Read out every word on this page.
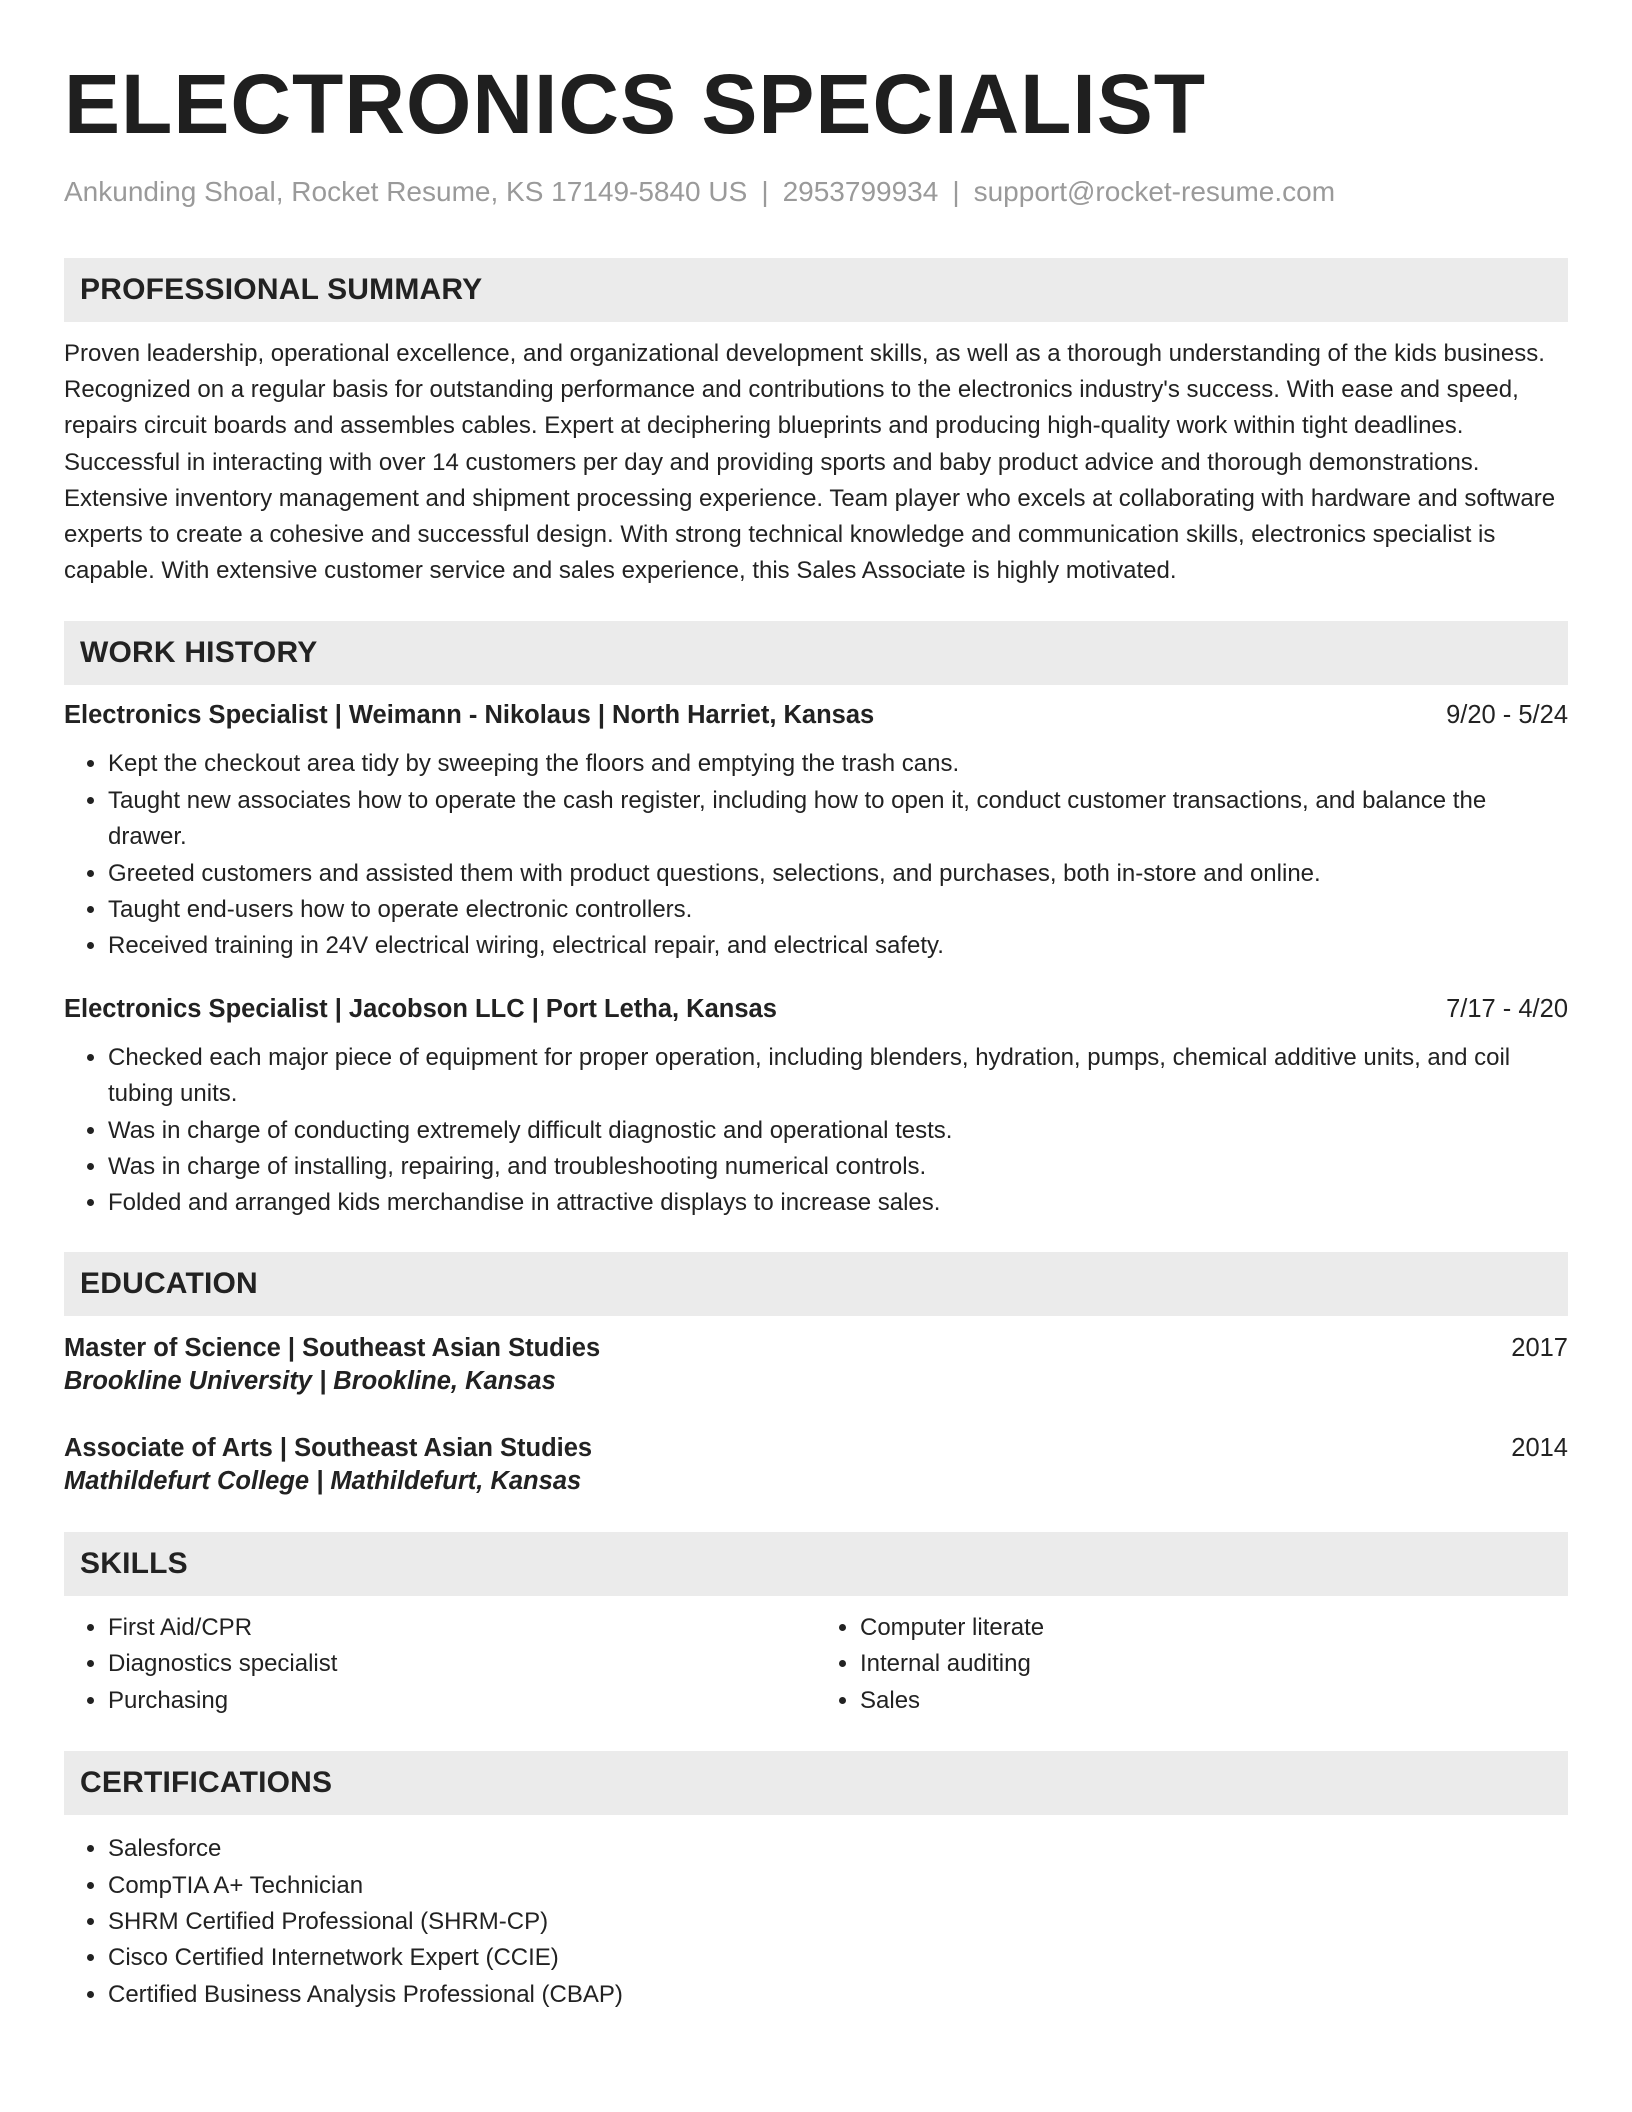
ELECTRONICS SPECIALIST
Ankunding Shoal, Rocket Resume, KS 17149-5840 US | 2953799934 | support@rocket-resume.com
PROFESSIONAL SUMMARY

Proven leadership, operational excellence, and organizational development skills, as well as a thorough understanding of the kids business. Recognized on a regular basis for outstanding performance and contributions to the electronics industry's success. With ease and speed, repairs circuit boards and assembles cables. Expert at deciphering blueprints and producing high-quality work within tight deadlines. Successful in interacting with over 14 customers per day and providing sports and baby product advice and thorough demonstrations. Extensive inventory management and shipment processing experience. Team player who excels at collaborating with hardware and software experts to create a cohesive and successful design. With strong technical knowledge and communication skills, electronics specialist is capable. With extensive customer service and sales experience, this Sales Associate is highly motivated.

WORK HISTORY
Electronics Specialist | Weimann - Nikolaus | North Harriet, Kansas	9/20 - 5/24
• Kept the checkout area tidy by sweeping the floors and emptying the trash cans.
• Taught new associates how to operate the cash register, including how to open it, conduct customer transactions, and balance the drawer.
• Greeted customers and assisted them with product questions, selections, and purchases, both in-store and online.
• Taught end-users how to operate electronic controllers.
• Received training in 24V electrical wiring, electrical repair, and electrical safety.
Electronics Specialist | Jacobson LLC | Port Letha, Kansas	7/17 - 4/20
• Checked each major piece of equipment for proper operation, including blenders, hydration, pumps, chemical additive units, and coil tubing units.
• Was in charge of conducting extremely difficult diagnostic and operational tests.
• Was in charge of installing, repairing, and troubleshooting numerical controls.
• Folded and arranged kids merchandise in attractive displays to increase sales.
EDUCATION
Master of Science | Southeast Asian Studies	2017
Brookline University | Brookline, Kansas
Associate of Arts | Southeast Asian Studies	2014
Mathildefurt College | Mathildefurt, Kansas
SKILLS
• First Aid/CPR
• Diagnostics specialist
• Purchasing
• Computer literate
• Internal auditing
• Sales
CERTIFICATIONS
• Salesforce
• CompTIA A+ Technician
• SHRM Certified Professional (SHRM-CP)
• Cisco Certified Internetwork Expert (CCIE)
• Certified Business Analysis Professional (CBAP)
